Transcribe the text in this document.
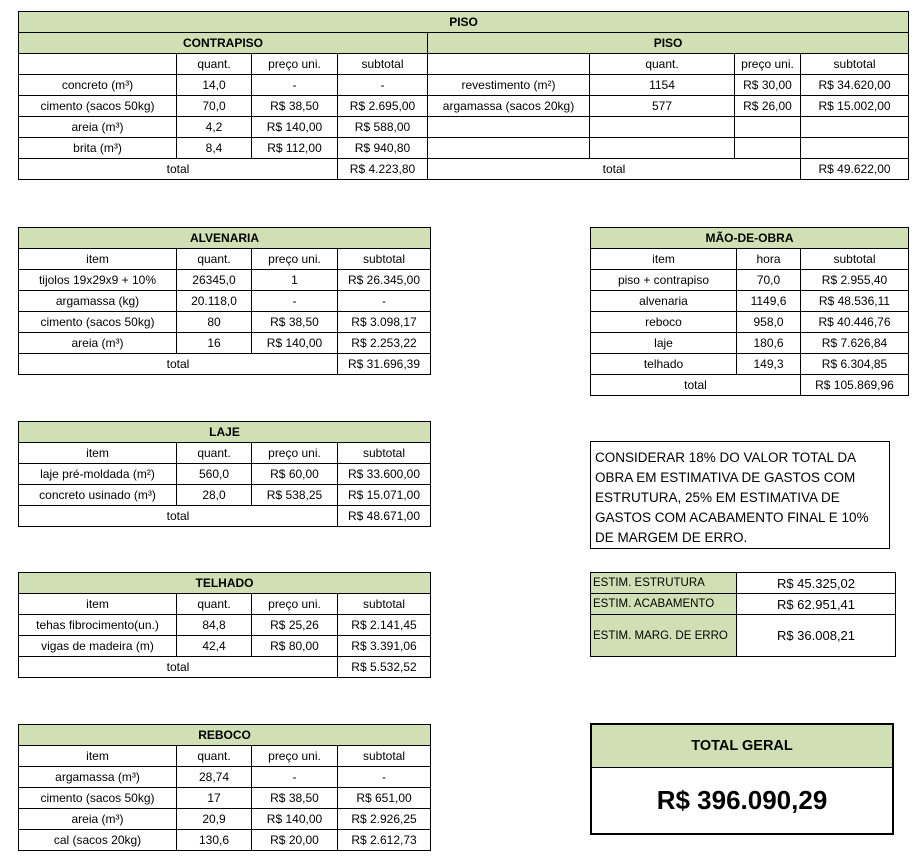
PISO							
CONTRAPISO				PISO			
	quant.	preço uni.	subtotal		quant.	preço uni.	subtotal
concreto (m³)	14,0	-	-	revestimento (m²)	1154	R$ 30,00	R$ 34.620,00
cimento (sacos 50kg)	70,0	R$ 38,50	R$ 2.695,00	argamassa (sacos 20kg)	577	R$ 26,00	R$ 15.002,00
areia (m³)	4,2	R$ 140,00	R$ 588,00				
brita (m³)	8,4	R$ 112,00	R$ 940,80				
total			R$ 4.223,80	total			R$ 49.622,00
ALVENARIA			
item	quant.	preço uni.	subtotal
tijolos 19x29x9 + 10%	26345,0	1	R$ 26.345,00
argamassa (kg)	20.118,0	-	-
cimento (sacos 50kg)	80	R$ 38,50	R$ 3.098,17
areia (m³)	16	R$ 140,00	R$ 2.253,22
total			R$ 31.696,39
LAJE			
item	quant.	preço uni.	subtotal
laje pré-moldada (m²)	560,0	R$ 60,00	R$ 33.600,00
concreto usinado (m³)	28,0	R$ 538,25	R$ 15.071,00
total			R$ 48.671,00
TELHADO			
item	quant.	preço uni.	subtotal
tehas fibrocimento(un.)	84,8	R$ 25,26	R$ 2.141,45
vigas de madeira (m)	42,4	R$ 80,00	R$ 3.391,06
total			R$ 5.532,52
REBOCO			
item	quant.	preço uni.	subtotal
argamassa (m³)	28,74	-	-
cimento (sacos 50kg)	17	R$ 38,50	R$ 651,00
areia (m³)	20,9	R$ 140,00	R$ 2.926,25
cal (sacos 20kg)	130,6	R$ 20,00	R$ 2.612,73
MÃO-DE-OBRA		
item	hora	subtotal
piso + contrapiso	70,0	R$ 2.955,40
alvenaria	1149,6	R$ 48.536,11
reboco	958,0	R$ 40.446,76
laje	180,6	R$ 7.626,84
telhado	149,3	R$ 6.304,85
total		R$ 105.869,96
CONSIDERAR 18% DO VALOR TOTAL DA OBRA EM ESTIMATIVA DE GASTOS COM ESTRUTURA, 25% EM ESTIMATIVA DE GASTOS COM ACABAMENTO FINAL E 10% DE MARGEM DE ERRO.
ESTIM. ESTRUTURA	R$ 45.325,02
ESTIM. ACABAMENTO	R$ 62.951,41
ESTIM. MARG. DE ERRO	R$ 36.008,21
TOTAL GERAL
R$ 396.090,29
